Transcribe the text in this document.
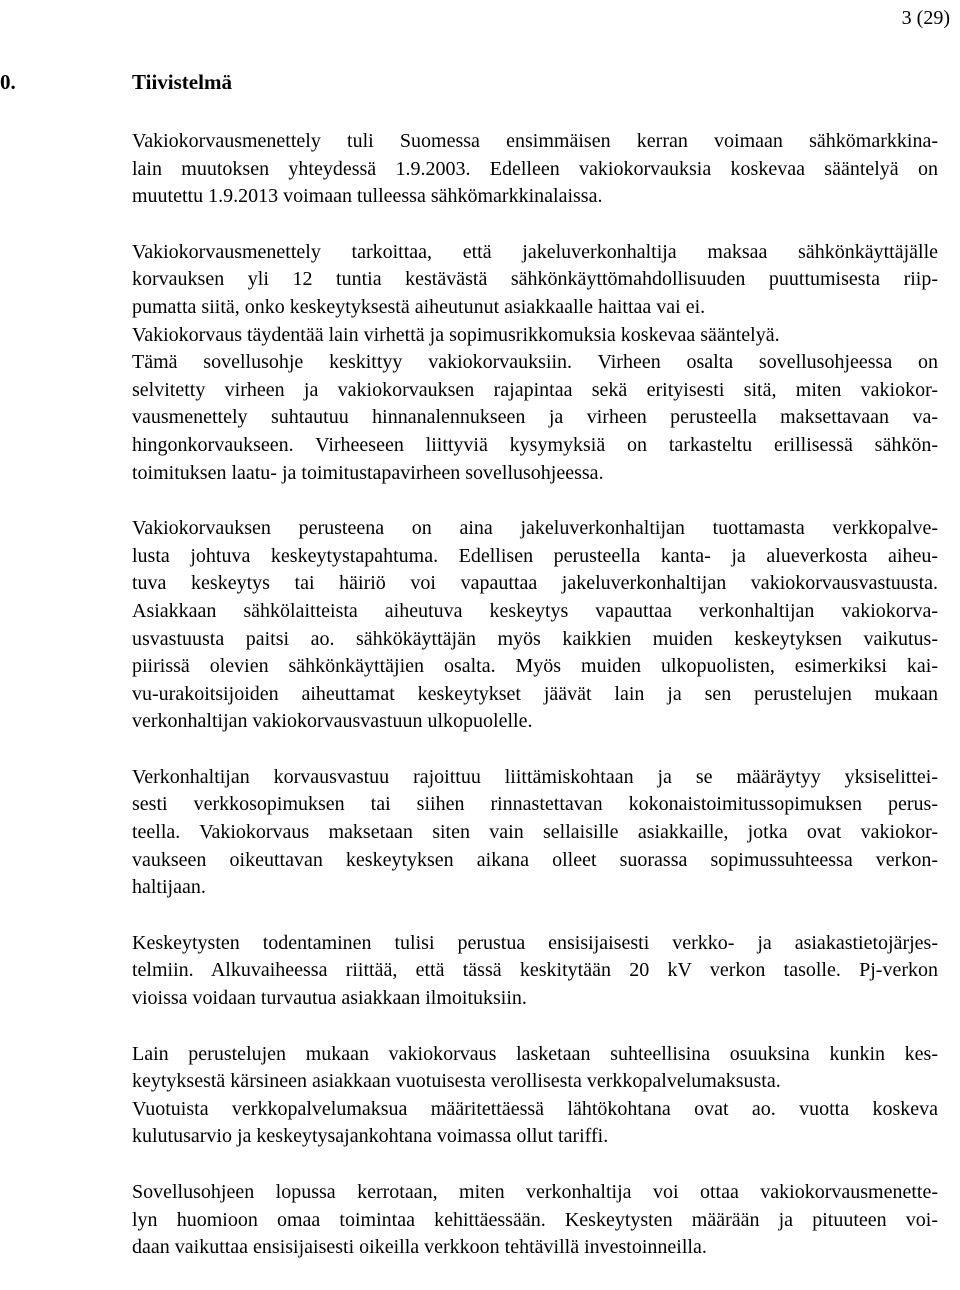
3 (29)
0.	Tiivistelmä

Vakiokorvausmenettely tuli Suomessa ensimmäisen kerran voimaan sähkömarkkina-
lain muutoksen yhteydessä 1.9.2003. Edelleen vakiokorvauksia koskevaa sääntelyä on
muutettu 1.9.2013 voimaan tulleessa sähkömarkkinalaissa.

Vakiokorvausmenettely tarkoittaa, että jakeluverkonhaltija maksaa sähkönkäyttäjälle
korvauksen yli 12 tuntia kestävästä sähkönkäyttömahdollisuuden puuttumisesta riip-
pumatta siitä, onko keskeytyksestä aiheutunut asiakkaalle haittaa vai ei.
Vakiokorvaus täydentää lain virhettä ja sopimusrikkomuksia koskevaa sääntelyä.
Tämä sovellusohje keskittyy vakiokorvauksiin. Virheen osalta sovellusohjeessa on
selvitetty virheen ja vakiokorvauksen rajapintaa sekä erityisesti sitä, miten vakiokor-
vausmenettely suhtautuu hinnanalennukseen ja virheen perusteella maksettavaan va-
hingonkorvaukseen. Virheeseen liittyviä kysymyksiä on tarkasteltu erillisessä sähkön-
toimituksen laatu- ja toimitustapavirheen sovellusohjeessa.

Vakiokorvauksen perusteena on aina jakeluverkonhaltijan tuottamasta verkkopalve-
lusta johtuva keskeytystapahtuma. Edellisen perusteella kanta- ja alueverkosta aiheu-
tuva keskeytys tai häiriö voi vapauttaa jakeluverkonhaltijan vakiokorvausvastuusta.
Asiakkaan sähkölaitteista aiheutuva keskeytys vapauttaa verkonhaltijan vakiokorva-
usvastuusta paitsi ao. sähkökäyttäjän myös kaikkien muiden keskeytyksen vaikutus-
piirissä olevien sähkönkäyttäjien osalta. Myös muiden ulkopuolisten, esimerkiksi kai-
vu-urakoitsijoiden aiheuttamat keskeytykset jäävät lain ja sen perustelujen mukaan
verkonhaltijan vakiokorvausvastuun ulkopuolelle.

Verkonhaltijan korvausvastuu rajoittuu liittämiskohtaan ja se määräytyy yksiselittei-
sesti verkkosopimuksen tai siihen rinnastettavan kokonaistoimitussopimuksen perus-
teella. Vakiokorvaus maksetaan siten vain sellaisille asiakkaille, jotka ovat vakiokor-
vaukseen oikeuttavan keskeytyksen aikana olleet suorassa sopimussuhteessa verkon-
haltijaan.

Keskeytysten todentaminen tulisi perustua ensisijaisesti verkko- ja asiakastietojärjes-
telmiin. Alkuvaiheessa riittää, että tässä keskitytään 20 kV verkon tasolle. Pj-verkon
vioissa voidaan turvautua asiakkaan ilmoituksiin.

Lain perustelujen mukaan vakiokorvaus lasketaan suhteellisina osuuksina kunkin kes-
keytyksestä kärsineen asiakkaan vuotuisesta verollisesta verkkopalvelumaksusta.
Vuotuista verkkopalvelumaksua määritettäessä lähtökohtana ovat ao. vuotta koskeva
kulutusarvio ja keskeytysajankohtana voimassa ollut tariffi.

Sovellusohjeen lopussa kerrotaan, miten verkonhaltija voi ottaa vakiokorvausmenette-
lyn huomioon omaa toimintaa kehittäessään. Keskeytysten määrään ja pituuteen voi-
daan vaikuttaa ensisijaisesti oikeilla verkkoon tehtävillä investoinneilla.
